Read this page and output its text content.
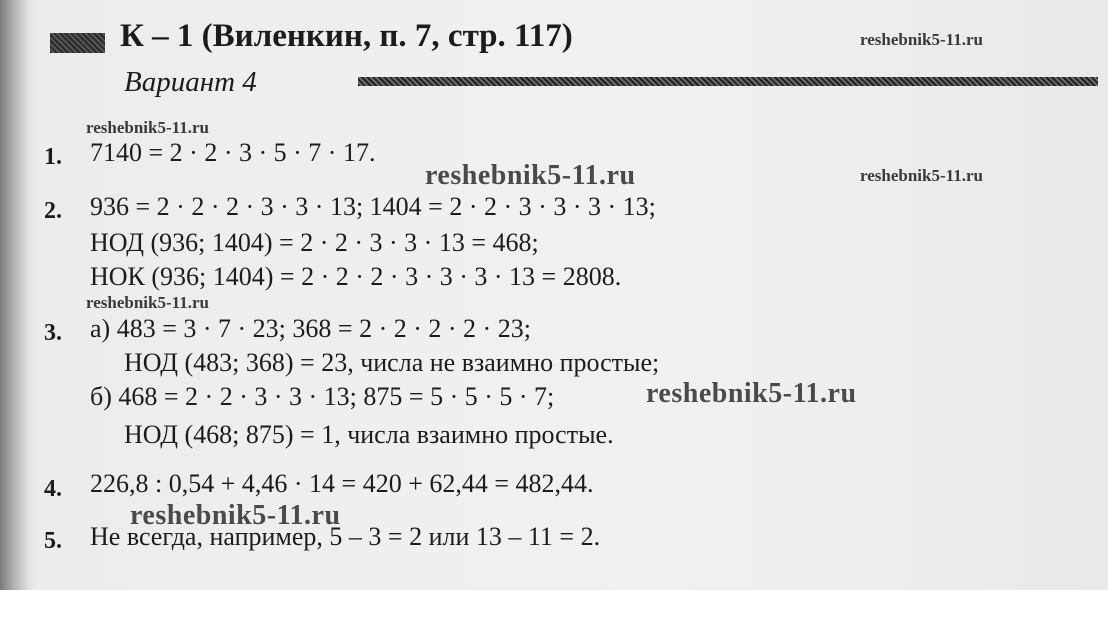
К – 1 (Виленкин, п. 7, стр. 117)
Вариант 4
reshebnik5-11.ru
reshebnik5-11.ru
1. 7140 = 2 · 2 · 3 · 5 · 7 · 17.
reshebnik5-11.ru	reshebnik5-11.ru
2. 936 = 2 · 2 · 2 · 3 · 3 · 13; 1404 = 2 · 2 · 3 · 3 · 3 · 13;
НОД (936; 1404) = 2 · 2 · 3 · 3 · 13 = 468;
НОК (936; 1404) = 2 · 2 · 2 · 3 · 3 · 3 · 13 = 2808.
reshebnik5-11.ru
3. а) 483 = 3 · 7 · 23; 368 = 2 · 2 · 2 · 2 · 23;
НОД (483; 368) = 23, числа не взаимно простые;
б) 468 = 2 · 2 · 3 · 3 · 13; 875 = 5 · 5 · 5 · 7;	reshebnik5-11.ru
НОД (468; 875) = 1, числа взаимно простые.
4. 226,8 : 0,54 + 4,46 · 14 = 420 + 62,44 = 482,44.
reshebnik5-11.ru
5. Не всегда, например, 5 – 3 = 2 или 13 – 11 = 2.
